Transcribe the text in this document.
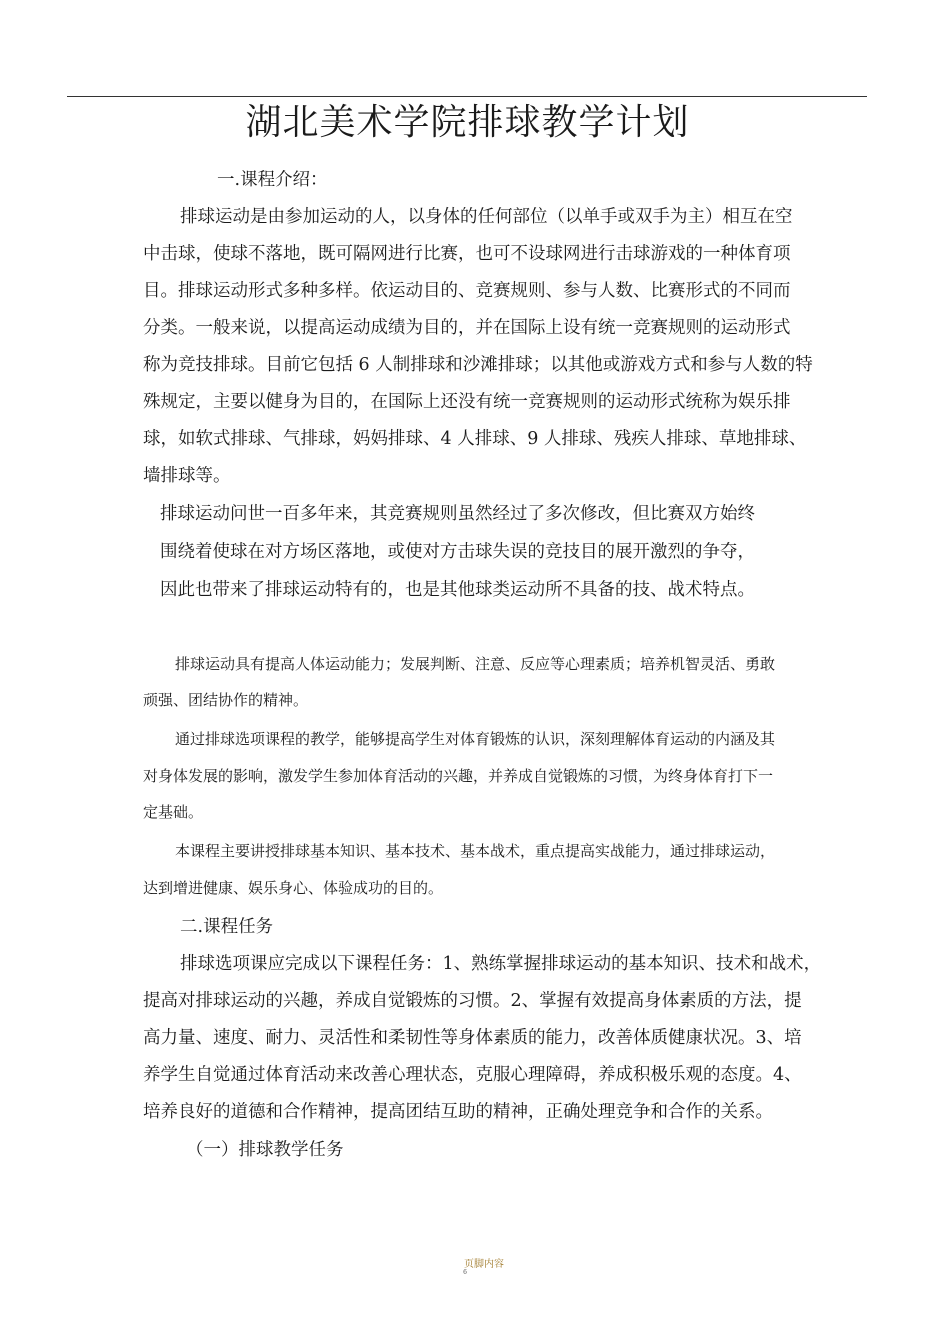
湖北美术学院排球教学计划
一.课程介绍：
排球运动是由参加运动的人，以身体的任何部位（以单手或双手为主）相互在空
中击球，使球不落地，既可隔网进行比赛，也可不设球网进行击球游戏的一种体育项
目。排球运动形式多种多样。依运动目的、竞赛规则、参与人数、比赛形式的不同而
分类。一般来说，以提高运动成绩为目的，并在国际上设有统一竞赛规则的运动形式
称为竞技排球。目前它包括 6 人制排球和沙滩排球；以其他或游戏方式和参与人数的特
殊规定，主要以健身为目的，在国际上还没有统一竞赛规则的运动形式统称为娱乐排
球，如软式排球、气排球，妈妈排球、4 人排球、9 人排球、残疾人排球、草地排球、
墙排球等。
排球运动问世一百多年来，其竞赛规则虽然经过了多次修改，但比赛双方始终
围绕着使球在对方场区落地，或使对方击球失误的竞技目的展开激烈的争夺，
因此也带来了排球运动特有的，也是其他球类运动所不具备的技、战术特点。
排球运动具有提高人体运动能力；发展判断、注意、反应等心理素质；培养机智灵活、勇敢
顽强、团结协作的精神。
通过排球选项课程的教学，能够提高学生对体育锻炼的认识，深刻理解体育运动的内涵及其
对身体发展的影响，激发学生参加体育活动的兴趣，并养成自觉锻炼的习惯，为终身体育打下一
定基础。
本课程主要讲授排球基本知识、基本技术、基本战术，重点提高实战能力，通过排球运动，
达到增进健康、娱乐身心、体验成功的目的。
二.课程任务
排球选项课应完成以下课程任务：1、熟练掌握排球运动的基本知识、技术和战术，
提高对排球运动的兴趣，养成自觉锻炼的习惯。2、掌握有效提高身体素质的方法，提
高力量、速度、耐力、灵活性和柔韧性等身体素质的能力，改善体质健康状况。3、培
养学生自觉通过体育活动来改善心理状态，克服心理障碍，养成积极乐观的态度。4、
培养良好的道德和合作精神，提高团结互助的精神，正确处理竞争和合作的关系。
（一）排球教学任务
页脚内容
6
